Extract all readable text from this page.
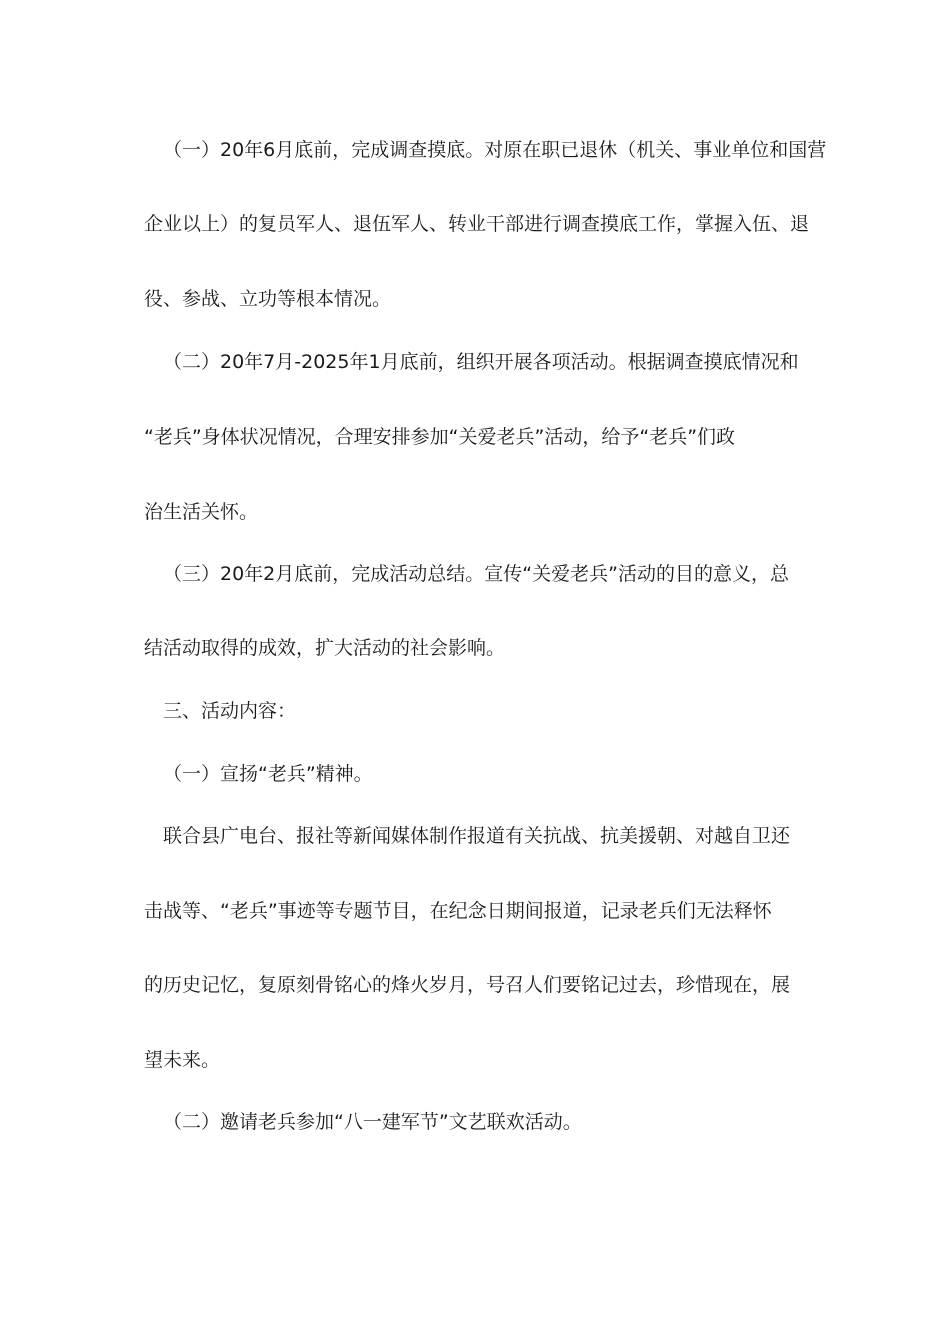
（一）20年6月底前，完成调查摸底。对原在职已退休（机关、事业单位和国营
企业以上）的复员军人、退伍军人、转业干部进行调查摸底工作，掌握入伍、退
役、参战、立功等根本情况。
（二）20年7月-2025年1月底前，组织开展各项活动。根据调查摸底情况和
“老兵”身体状况情况，合理安排参加“关爱老兵”活动，给予“老兵”们政
治生活关怀。
（三）20年2月底前，完成活动总结。宣传“关爱老兵”活动的目的意义，总
结活动取得的成效，扩大活动的社会影响。
三、活动内容：
（一）宣扬“老兵”精神。
联合县广电台、报社等新闻媒体制作报道有关抗战、抗美援朝、对越自卫还
击战等、“老兵”事迹等专题节目，在纪念日期间报道，记录老兵们无法释怀
的历史记忆，复原刻骨铭心的烽火岁月，号召人们要铭记过去，珍惜现在，展
望未来。
（二）邀请老兵参加“八一建军节”文艺联欢活动。
